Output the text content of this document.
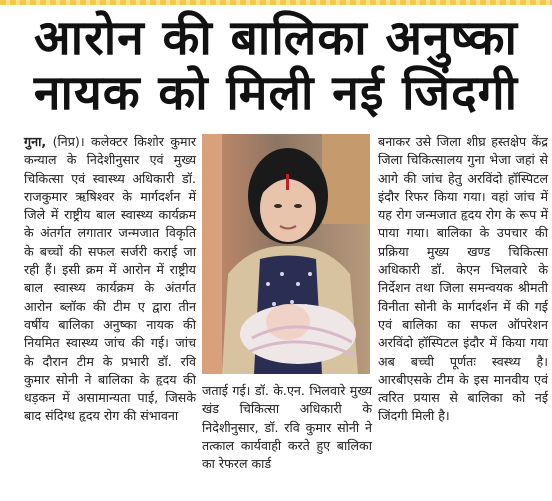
आरोन की बालिका अनुष्का
नायक को मिली नई जिंदगी
गुना, (निप्र)। कलेक्टर किशोर कुमार कन्याल के निदेशीनुसार एवं मुख्य चिकित्सा एवं स्वास्थ्य अधिकारी डॉ. राजकुमार ऋषिश्वर के मार्गदर्शन में जिले में राष्ट्रीय बाल स्वास्थ्य कार्यक्रम के अंतर्गत लगातार जन्मजात विकृति के बच्चों की सफल सर्जरी कराई जा रही हैं। इसी क्रम में आरोन में राष्ट्रीय बाल स्वास्थ्य कार्यक्रम के अंतर्गत आरोन ब्लॉक की टीम ए द्वारा तीन वर्षीय बालिका अनुष्का नायक की नियमित स्वास्थ्य जांच की गई। जांच के दौरान टीम के प्रभारी डॉ. रवि कुमार सोनी ने बालिका के हृदय की धड़कन में असामान्यता पाई, जिसके बाद संदिग्ध हृदय रोग की संभावना
जताई गई। डॉ. के.एन. भिलवारे मुख्य खंड चिकित्सा अधिकारी के निदेशीनुसार, डॉ. रवि कुमार सोनी ने तत्काल कार्यवाही करते हुए बालिका का रेफरल कार्ड
बनाकर उसे जिला शीघ्र हस्तक्षेप केंद्र जिला चिकित्सालय गुना भेजा जहां से आगे की जांच हेतु अरविंदो हॉस्पिटल इंदौर रिफर किया गया। वहां जांच में यह रोग जन्मजात हृदय रोग के रूप में पाया गया। बालिका के उपचार की प्रक्रिया मुख्य खण्ड चिकित्सा अधिकारी डॉ. केएन भिलवारे के निर्देशन तथा जिला समन्वयक श्रीमती विनीता सोनी के मार्गदर्शन में की गई एवं बालिका का सफल ऑपरेशन अरविंदो हॉस्पिटल इंदौर में किया गया अब बच्ची पूर्णतः स्वस्थ्य है। आरबीएसके टीम के इस मानवीय एवं त्वरित प्रयास से बालिका को नई जिंदगी मिली है।
